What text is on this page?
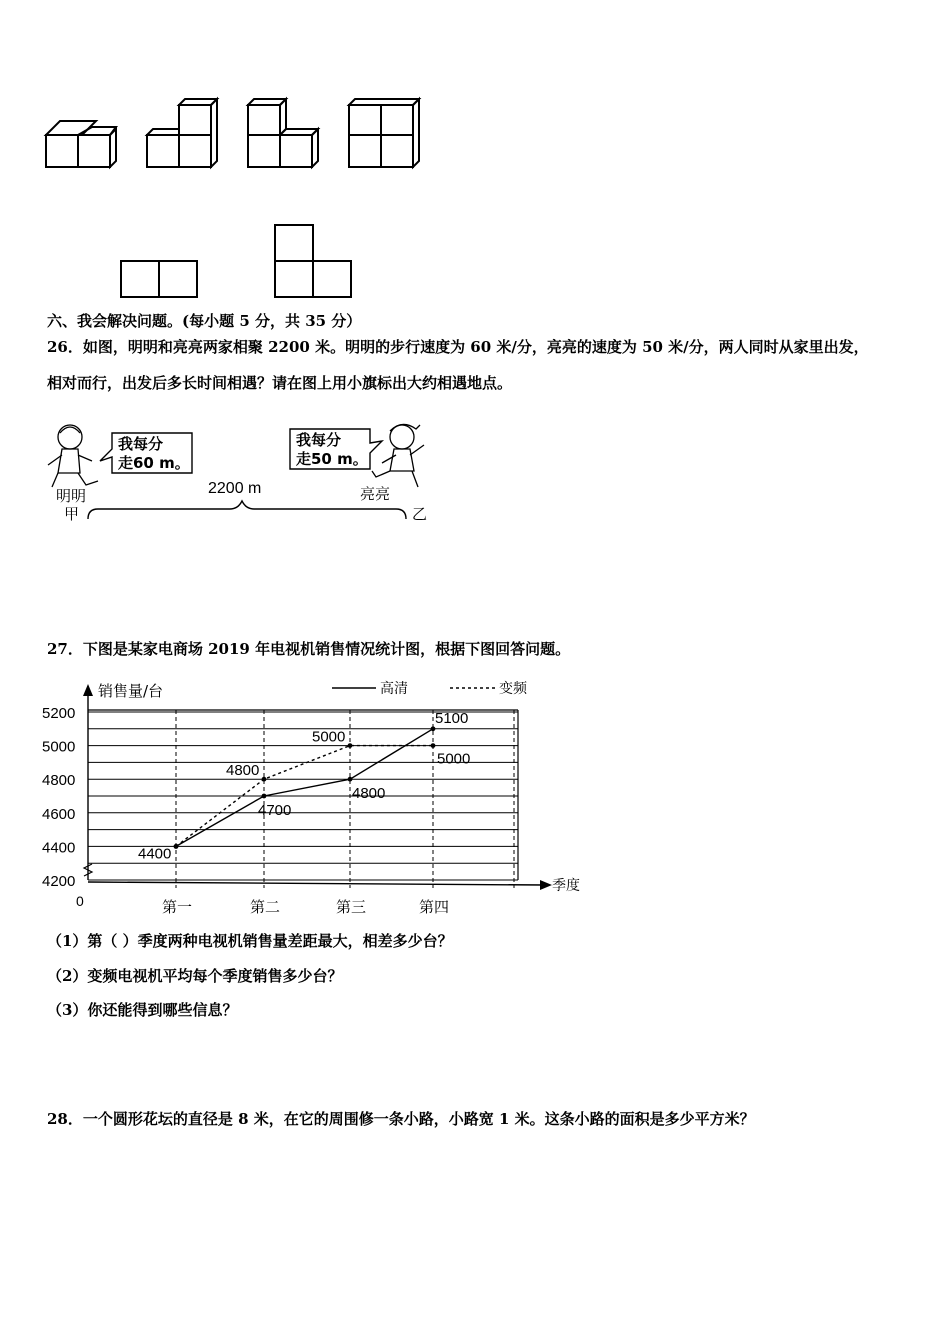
六、我会解决问题。(每小题 5 分，共 35 分）
26．如图，明明和亮亮两家相聚 2200 米。明明的步行速度为 60 米/分，亮亮的速度为 50 米/分，两人同时从家里出发，
相对而行，出发后多长时间相遇？请在图上用小旗标出大约相遇地点。
我每分
走60 m。
我每分
走50 m。
明明	亮亮
2200 m
甲	乙
27．下图是某家电商场 2019 年电视机销售情况统计图，根据下图回答问题。
销售量/台
季度
0
高清	变频
5200
5000
4800
4600
4400
4200
第一	第二	第三	第四
4400
4700
4800
5100
4800
5000
5000
（1）第（ ）季度两种电视机销售量差距最大，相差多少台？
（2）变频电视机平均每个季度销售多少台？
（3）你还能得到哪些信息？
28．一个圆形花坛的直径是 8 米，在它的周围修一条小路，小路宽 1 米。这条小路的面积是多少平方米？
